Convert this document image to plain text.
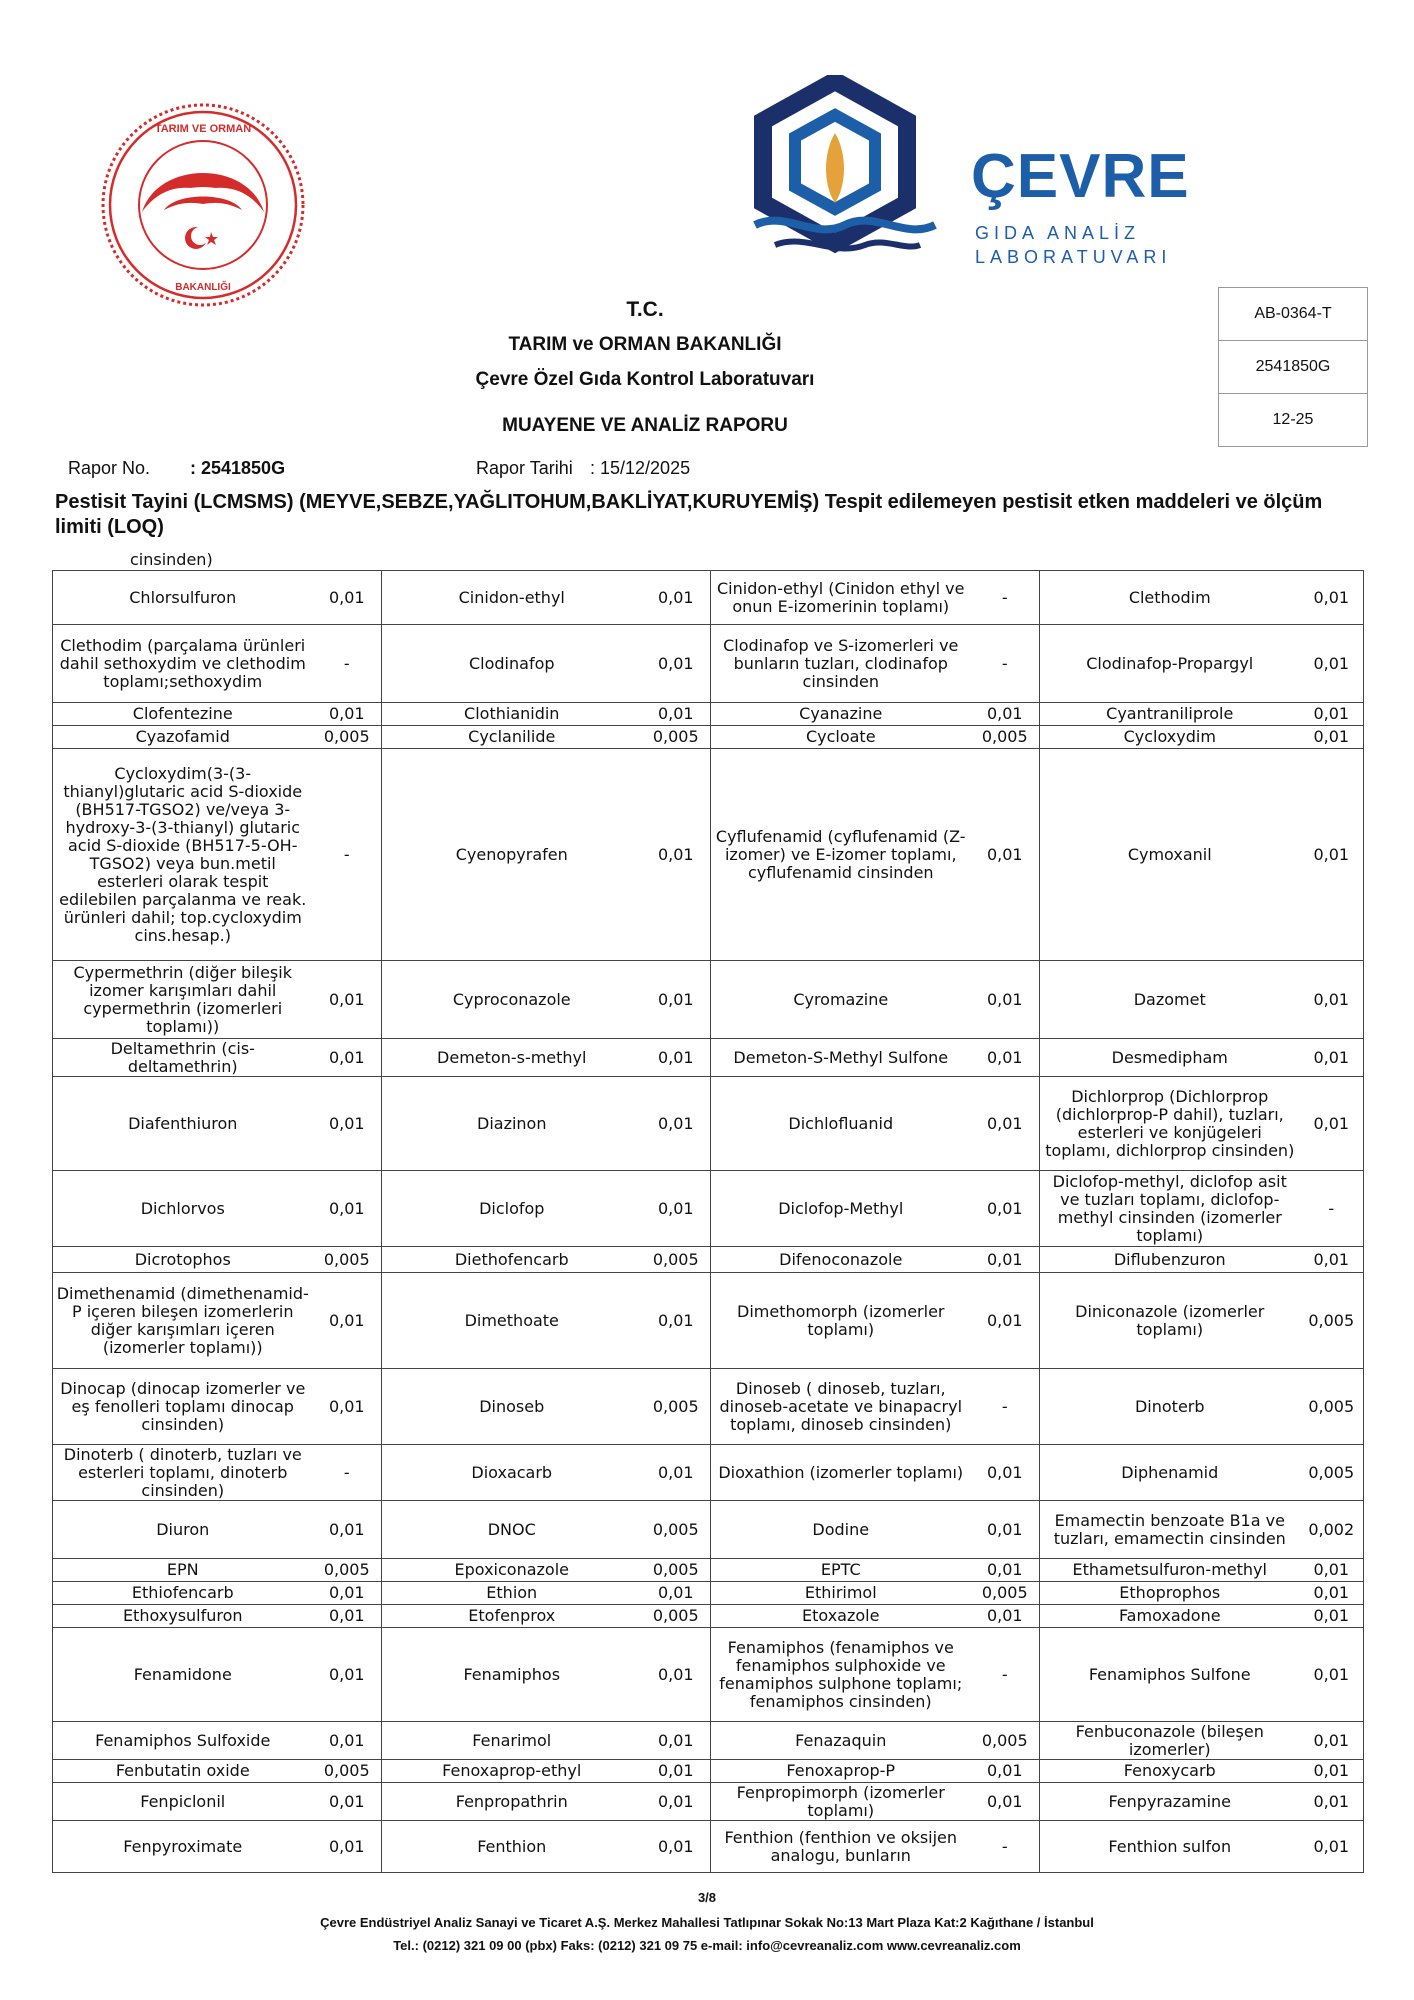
TARIM VE ORMAN
BAKANLIĞI
ÇEVRE
GIDA ANALİZ
LABORATUVARI
T.C.
TARIM ve ORMAN BAKANLIĞI
Çevre Özel Gıda Kontrol Laboratuvarı
MUAYENE VE ANALİZ RAPORU
AB-0364-T
2541850G
12-25
Rapor No. : 2541850G	Rapor Tarihi : 15/12/2025
Pestisit Tayini (LCMSMS) (MEYVE,SEBZE,YAĞLITOHUM,BAKLİYAT,KURUYEMİŞ) Tespit edilemeyen pestisit etken maddeleri ve ölçüm limiti (LOQ)
cinsinden)
Chlorsulfuron	0,01	Cinidon-ethyl	0,01	Cinidon-ethyl (Cinidon ethyl ve onun E-izomerinin toplamı)	-	Clethodim	0,01
Clethodim (parçalama ürünleri dahil sethoxydim ve clethodim toplamı;sethoxydim	-	Clodinafop	0,01	Clodinafop ve S-izomerleri ve bunların tuzları, clodinafop cinsinden	-	Clodinafop-Propargyl	0,01
Clofentezine	0,01	Clothianidin	0,01	Cyanazine	0,01	Cyantraniliprole	0,01
Cyazofamid	0,005	Cyclanilide	0,005	Cycloate	0,005	Cycloxydim	0,01
Cycloxydim(3-(3-thianyl)glutaric acid S-dioxide (BH517-TGSO2) ve/veya 3-hydroxy-3-(3-thianyl) glutaric acid S-dioxide (BH517-5-OH-TGSO2) veya bun.metil esterleri olarak tespit edilebilen parçalanma ve reak. ürünleri dahil; top.cycloxydim cins.hesap.)	-	Cyenopyrafen	0,01	Cyflufenamid (cyflufenamid (Z-izomer) ve E-izomer toplamı, cyflufenamid cinsinden	0,01	Cymoxanil	0,01
Cypermethrin (diğer bileşik izomer karışımları dahil cypermethrin (izomerleri toplamı))	0,01	Cyproconazole	0,01	Cyromazine	0,01	Dazomet	0,01
Deltamethrin (cis-deltamethrin)	0,01	Demeton-s-methyl	0,01	Demeton-S-Methyl Sulfone	0,01	Desmedipham	0,01
Diafenthiuron	0,01	Diazinon	0,01	Dichlofluanid	0,01	Dichlorprop (Dichlorprop (dichlorprop-P dahil), tuzları, esterleri ve konjügeleri toplamı, dichlorprop cinsinden)	0,01
Dichlorvos	0,01	Diclofop	0,01	Diclofop-Methyl	0,01	Diclofop-methyl, diclofop asit ve tuzları toplamı, diclofop-methyl cinsinden (izomerler toplamı)	-
Dicrotophos	0,005	Diethofencarb	0,005	Difenoconazole	0,01	Diflubenzuron	0,01
Dimethenamid (dimethenamid-P içeren bileşen izomerlerin diğer karışımları içeren (izomerler toplamı))	0,01	Dimethoate	0,01	Dimethomorph (izomerler toplamı)	0,01	Diniconazole (izomerler toplamı)	0,005
Dinocap (dinocap izomerler ve eş fenolleri toplamı dinocap cinsinden)	0,01	Dinoseb	0,005	Dinoseb ( dinoseb, tuzları, dinoseb-acetate ve binapacryl toplamı, dinoseb cinsinden)	-	Dinoterb	0,005
Dinoterb ( dinoterb, tuzları ve esterleri toplamı, dinoterb cinsinden)	-	Dioxacarb	0,01	Dioxathion (izomerler toplamı)	0,01	Diphenamid	0,005
Diuron	0,01	DNOC	0,005	Dodine	0,01	Emamectin benzoate B1a ve tuzları, emamectin cinsinden	0,002
EPN	0,005	Epoxiconazole	0,005	EPTC	0,01	Ethametsulfuron-methyl	0,01
Ethiofencarb	0,01	Ethion	0,01	Ethirimol	0,005	Ethoprophos	0,01
Ethoxysulfuron	0,01	Etofenprox	0,005	Etoxazole	0,01	Famoxadone	0,01
Fenamidone	0,01	Fenamiphos	0,01	Fenamiphos (fenamiphos ve fenamiphos sulphoxide ve fenamiphos sulphone toplamı; fenamiphos cinsinden)	-	Fenamiphos Sulfone	0,01
Fenamiphos Sulfoxide	0,01	Fenarimol	0,01	Fenazaquin	0,005	Fenbuconazole (bileşen izomerler)	0,01
Fenbutatin oxide	0,005	Fenoxaprop-ethyl	0,01	Fenoxaprop-P	0,01	Fenoxycarb	0,01
Fenpiclonil	0,01	Fenpropathrin	0,01	Fenpropimorph (izomerler toplamı)	0,01	Fenpyrazamine	0,01
Fenpyroximate	0,01	Fenthion	0,01	Fenthion (fenthion ve oksijen analogu, bunların	-	Fenthion sulfon	0,01
3/8
Çevre Endüstriyel Analiz Sanayi ve Ticaret A.Ş. Merkez Mahallesi Tatlıpınar Sokak No:13 Mart Plaza Kat:2 Kağıthane / İstanbul
Tel.: (0212) 321 09 00 (pbx) Faks: (0212) 321 09 75 e-mail: info@cevreanaliz.com www.cevreanaliz.com
